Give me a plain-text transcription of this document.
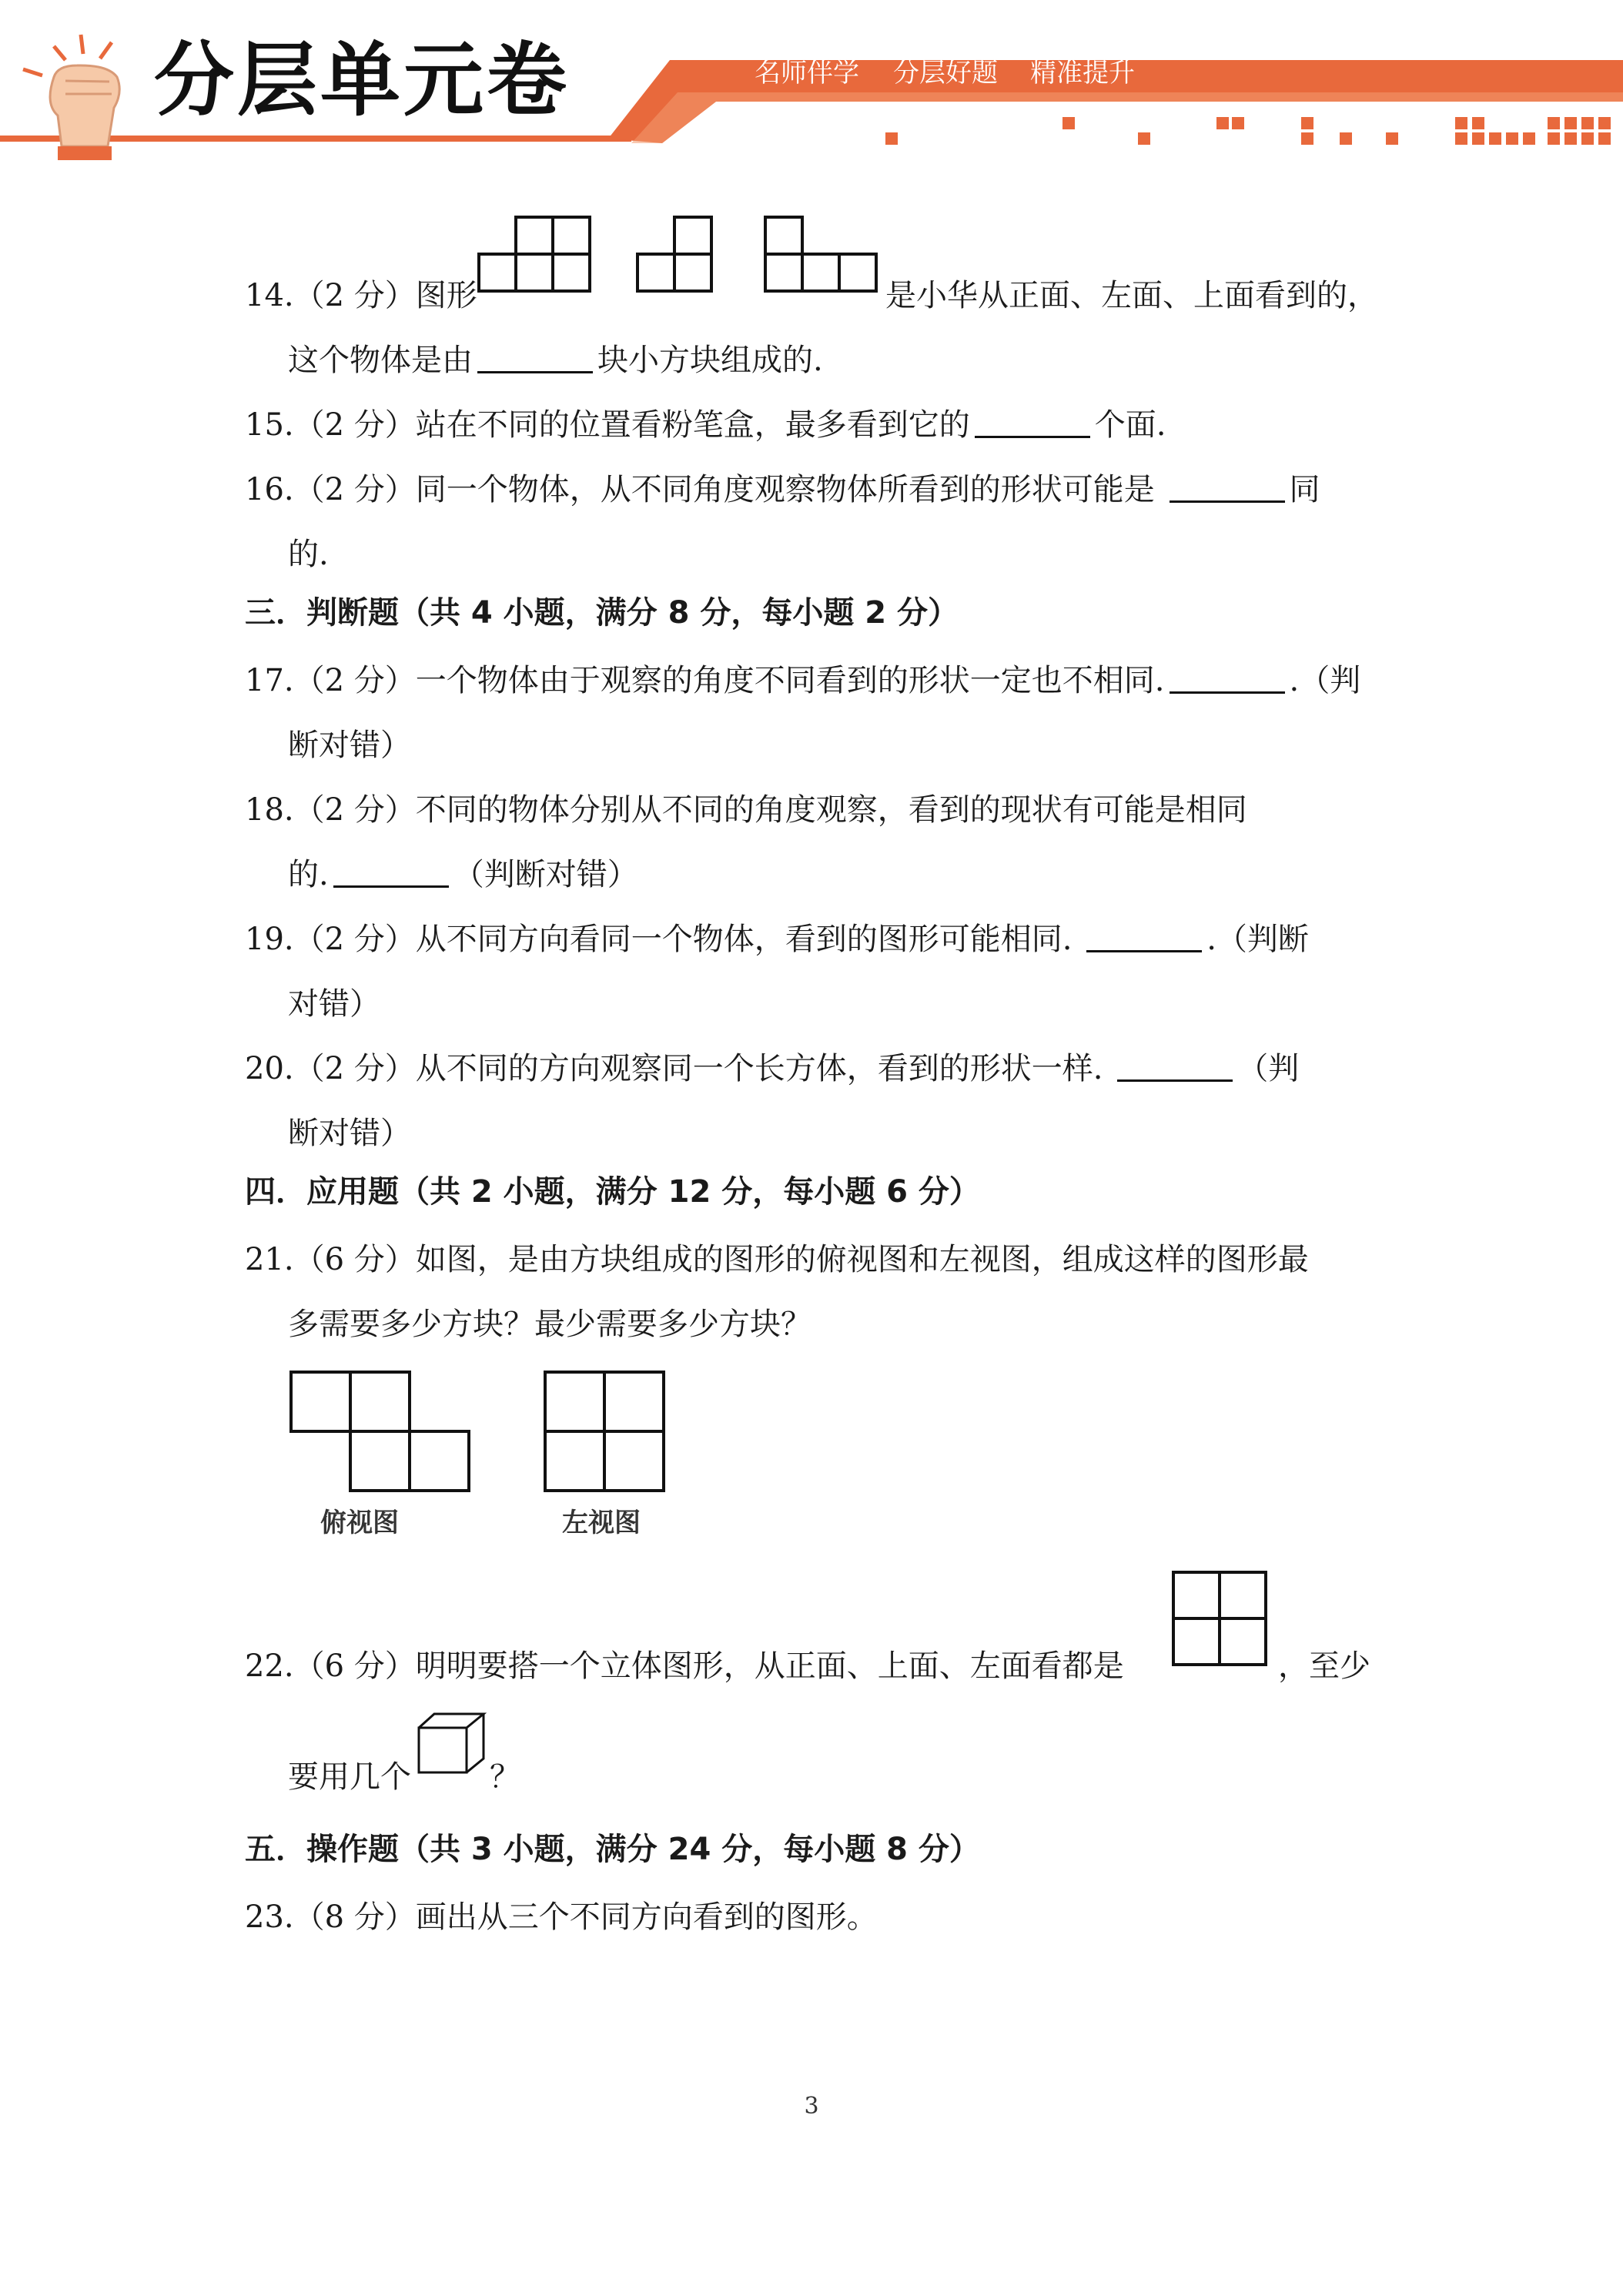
分层单元卷	名师伴学 分层好题 精准提升
14.（2 分）图形	是小华从正面、左面、上面看到的，
这个物体是由	块小方块组成的.
15.（2 分）站在不同的位置看粉笔盒，最多看到它的	个面.
16.（2 分）同一个物体，从不同角度观察物体所看到的形状可能是	同
的.
三．判断题（共 4 小题，满分 8 分，每小题 2 分）
17.（2 分）一个物体由于观察的角度不同看到的形状一定也不相同.	.（判
断对错）
18.（2 分）不同的物体分别从不同的角度观察，看到的现状有可能是相同
的.	（判断对错）
19.（2 分）从不同方向看同一个物体，看到的图形可能相同.	.（判断
对错）
20.（2 分）从不同的方向观察同一个长方体，看到的形状一样.	（判
断对错）
四．应用题（共 2 小题，满分 12 分，每小题 6 分）
21.（6 分）如图，是由方块组成的图形的俯视图和左视图，组成这样的图形最
多需要多少方块？最少需要多少方块？
俯视图	左视图
22.（6 分）明明要搭一个立体图形，从正面、上面、左面看都是	，至少
要用几个	？
五．操作题（共 3 小题，满分 24 分，每小题 8 分）
23.（8 分）画出从三个不同方向看到的图形。
3
